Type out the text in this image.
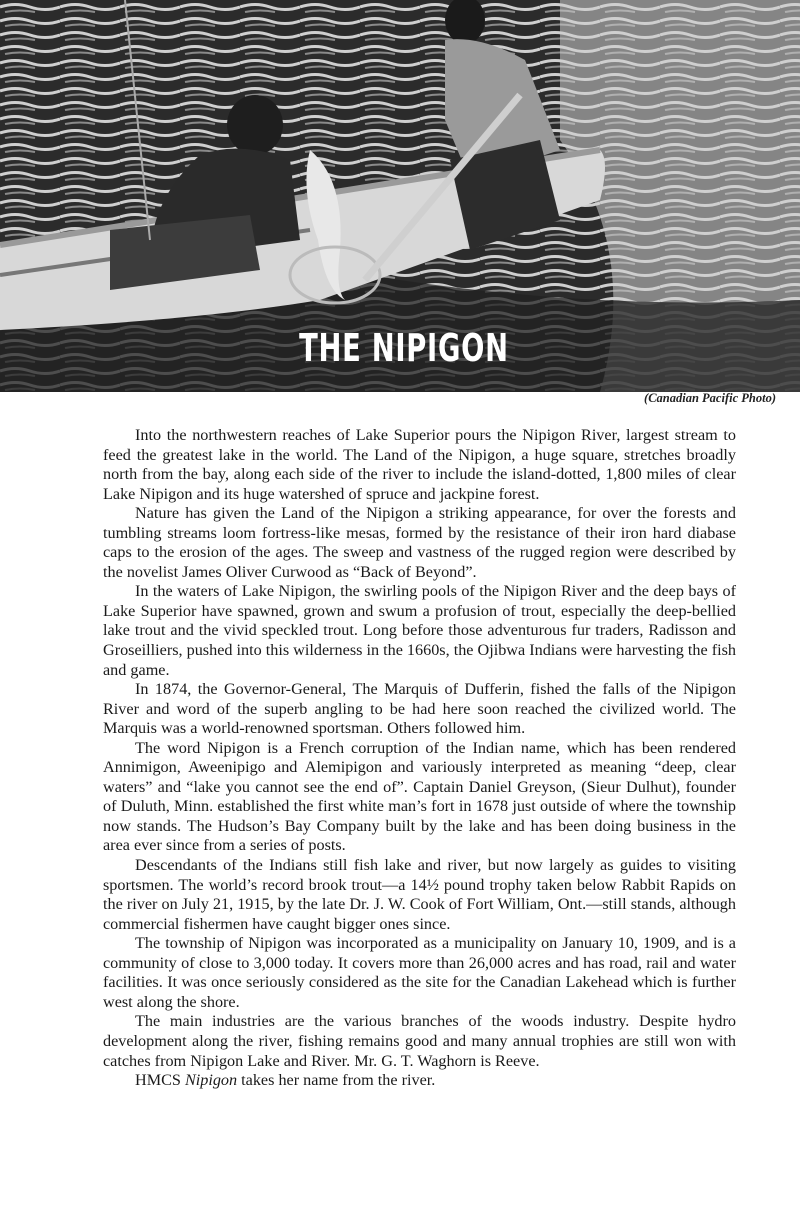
THE NIPIGON
(Canadian Pacific Photo)

Into the northwestern reaches of Lake Superior pours the Nipigon River, largest stream to feed the greatest lake in the world. The Land of the Nipigon, a huge square, stretches broadly north from the bay, along each side of the river to include the island-dotted, 1,800 miles of clear Lake Nipigon and its huge watershed of spruce and jackpine forest.

Nature has given the Land of the Nipigon a striking appearance, for over the forests and tumbling streams loom fortress-like mesas, formed by the resistance of their iron hard diabase caps to the erosion of the ages. The sweep and vastness of the rugged region were described by the novelist James Oliver Curwood as “Back of Beyond”.

In the waters of Lake Nipigon, the swirling pools of the Nipigon River and the deep bays of Lake Superior have spawned, grown and swum a profusion of trout, especially the deep-bellied lake trout and the vivid speckled trout. Long before those adventurous fur traders, Radisson and Groseilliers, pushed into this wilderness in the 1660s, the Ojibwa Indians were harvesting the fish and game.

In 1874, the Governor-General, The Marquis of Dufferin, fished the falls of the Nipigon River and word of the superb angling to be had here soon reached the civilized world. The Marquis was a world-renowned sportsman. Others followed him.

The word Nipigon is a French corruption of the Indian name, which has been rendered Annimigon, Aweenipigo and Alemipigon and variously interpreted as meaning “deep, clear waters” and “lake you cannot see the end of”. Captain Daniel Greyson, (Sieur Dulhut), founder of Duluth, Minn. established the first white man’s fort in 1678 just outside of where the township now stands. The Hudson’s Bay Company built by the lake and has been doing business in the area ever since from a series of posts.

Descendants of the Indians still fish lake and river, but now largely as guides to visiting sportsmen. The world’s record brook trout—a 14½ pound trophy taken below Rabbit Rapids on the river on July 21, 1915, by the late Dr. J. W. Cook of Fort William, Ont.—still stands, although commercial fishermen have caught bigger ones since.

The township of Nipigon was incorporated as a municipality on January 10, 1909, and is a community of close to 3,000 today. It covers more than 26,000 acres and has road, rail and water facilities. It was once seriously considered as the site for the Canadian Lakehead which is further west along the shore.

The main industries are the various branches of the woods industry. Despite hydro development along the river, fishing remains good and many annual trophies are still won with catches from Nipigon Lake and River. Mr. G. T. Waghorn is Reeve.

HMCS Nipigon takes her name from the river.
